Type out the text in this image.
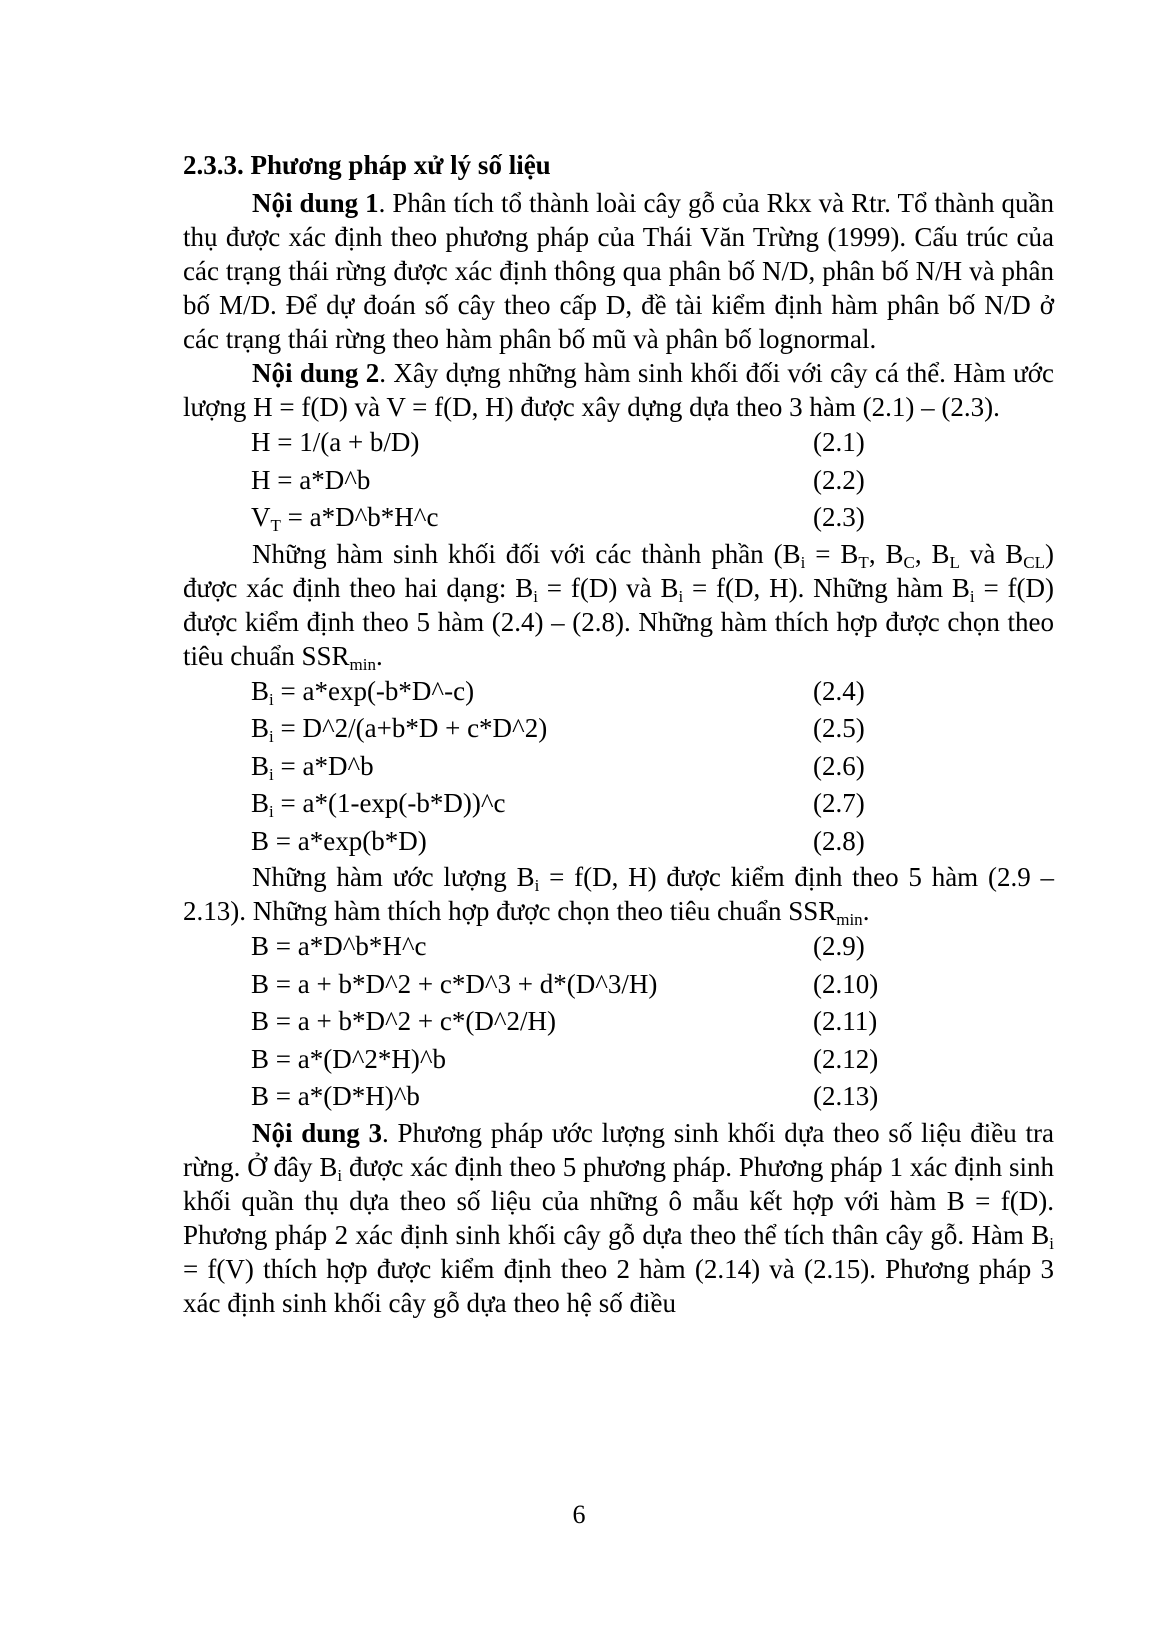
2.3.3. Phương pháp xử lý số liệu

Nội dung 1. Phân tích tổ thành loài cây gỗ của Rkx và Rtr. Tổ thành quần thụ được xác định theo phương pháp của Thái Văn Trừng (1999). Cấu trúc của các trạng thái rừng được xác định thông qua phân bố N/D, phân bố N/H và phân bố M/D. Để dự đoán số cây theo cấp D, đề tài kiểm định hàm phân bố N/D ở các trạng thái rừng theo hàm phân bố mũ và phân bố lognormal.

Nội dung 2. Xây dựng những hàm sinh khối đối với cây cá thể. Hàm ước lượng H = f(D) và V = f(D, H) được xây dựng dựa theo 3 hàm (2.1) – (2.3).

H = 1/(a + b/D)	(2.1)
H = a*D^b	(2.2)
$V_T$ = a*D^b*H^c	(2.3)

Những hàm sinh khối đối với các thành phần ($B_i = B_T$, $B_C$, $B_L$ và $B_{CL}$) được xác định theo hai dạng: $B_i = f(D)$ và $B_i = f(D$, H). Những hàm $B_i = f(D)$ được kiểm định theo 5 hàm (2.4) – (2.8). Những hàm thích hợp được chọn theo tiêu chuẩn $SSR_{min}$.

$B_i$ = a*exp(-b*D^-c)	(2.4)
$B_i$ = D^2/(a+b*D + c*D^2)	(2.5)
$B_i$ = a*D^b	(2.6)
$B_i$ = a*(1-exp(-b*D))^c	(2.7)
B = a*exp(b*D)	(2.8)

Những hàm ước lượng $B_i = f(D$, H) được kiểm định theo 5 hàm (2.9 – 2.13). Những hàm thích hợp được chọn theo tiêu chuẩn $SSR_{min}$.

B = a*D^b*H^c	(2.9)
B = a + b*D^2 + c*D^3 + d*(D^3/H)	(2.10)
B = a + b*D^2 + c*(D^2/H)	(2.11)
B = a*(D^2*H)^b	(2.12)
B = a*(D*H)^b	(2.13)

Nội dung 3. Phương pháp ước lượng sinh khối dựa theo số liệu điều tra rừng. Ở đây $B_i$ được xác định theo 5 phương pháp. Phương pháp 1 xác định sinh khối quần thụ dựa theo số liệu của những ô mẫu kết hợp với hàm B = f(D). Phương pháp 2 xác định sinh khối cây gỗ dựa theo thể tích thân cây gỗ. Hàm $B_i = f(V)$ thích hợp được kiểm định theo 2 hàm (2.14) và (2.15). Phương pháp 3 xác định sinh khối cây gỗ dựa theo hệ số điều

6
